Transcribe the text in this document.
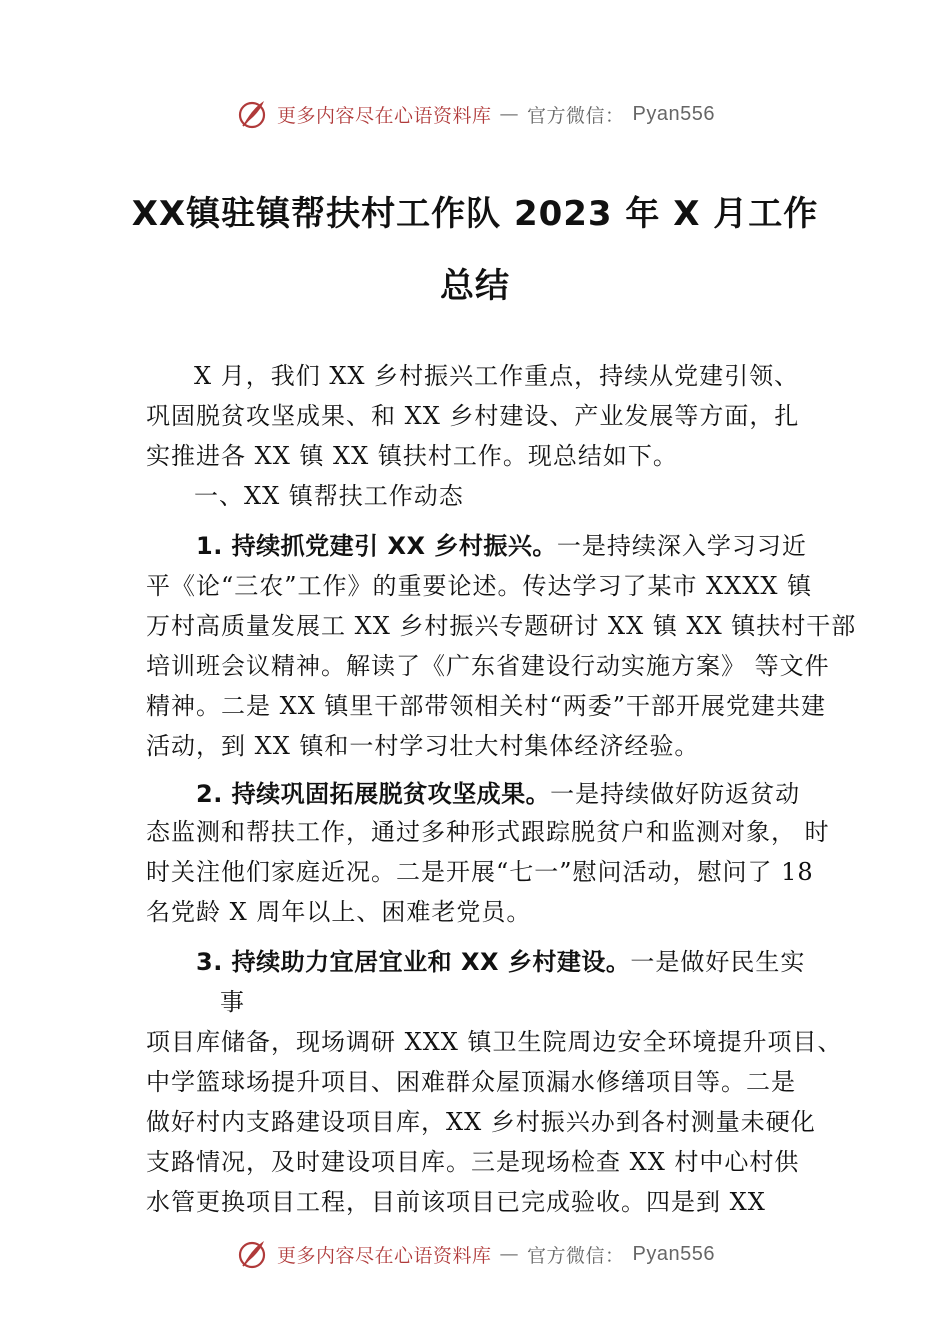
更多内容尽在心语资料库 — 官方微信： Pyan556
XX镇驻镇帮扶村工作队 2023 年 X 月工作
总结
X 月，我们 XX 乡村振兴工作重点，持续从党建引领、
巩固脱贫攻坚成果、和 XX 乡村建设、产业发展等方面，扎
实推进各 XX 镇 XX 镇扶村工作。现总结如下。
一、XX 镇帮扶工作动态
1. 持续抓党建引 XX 乡村振兴。一是持续深入学习习近
平《论“三农”工作》的重要论述。传达学习了某市 XXXX 镇
万村高质量发展工 XX 乡村振兴专题研讨 XX 镇 XX 镇扶村干部
培训班会议精神。解读了《广东省建设行动实施方案》 等文件
精神。二是 XX 镇里干部带领相关村“两委”干部开展党建共建
活动，到 XX 镇和一村学习壮大村集体经济经验。
2. 持续巩固拓展脱贫攻坚成果。一是持续做好防返贫动
态监测和帮扶工作，通过多种形式跟踪脱贫户和监测对象， 时
时关注他们家庭近况。二是开展“七一”慰问活动，慰问了 18
名党龄 X 周年以上、困难老党员。
3. 持续助力宜居宜业和 XX 乡村建设。一是做好民生实
事
项目库储备，现场调研 XXX 镇卫生院周边安全环境提升项目、
中学篮球场提升项目、困难群众屋顶漏水修缮项目等。二是
做好村内支路建设项目库，XX 乡村振兴办到各村测量未硬化
支路情况，及时建设项目库。三是现场检查 XX 村中心村供
水管更换项目工程，目前该项目已完成验收。四是到 XX
更多内容尽在心语资料库 — 官方微信： Pyan556
